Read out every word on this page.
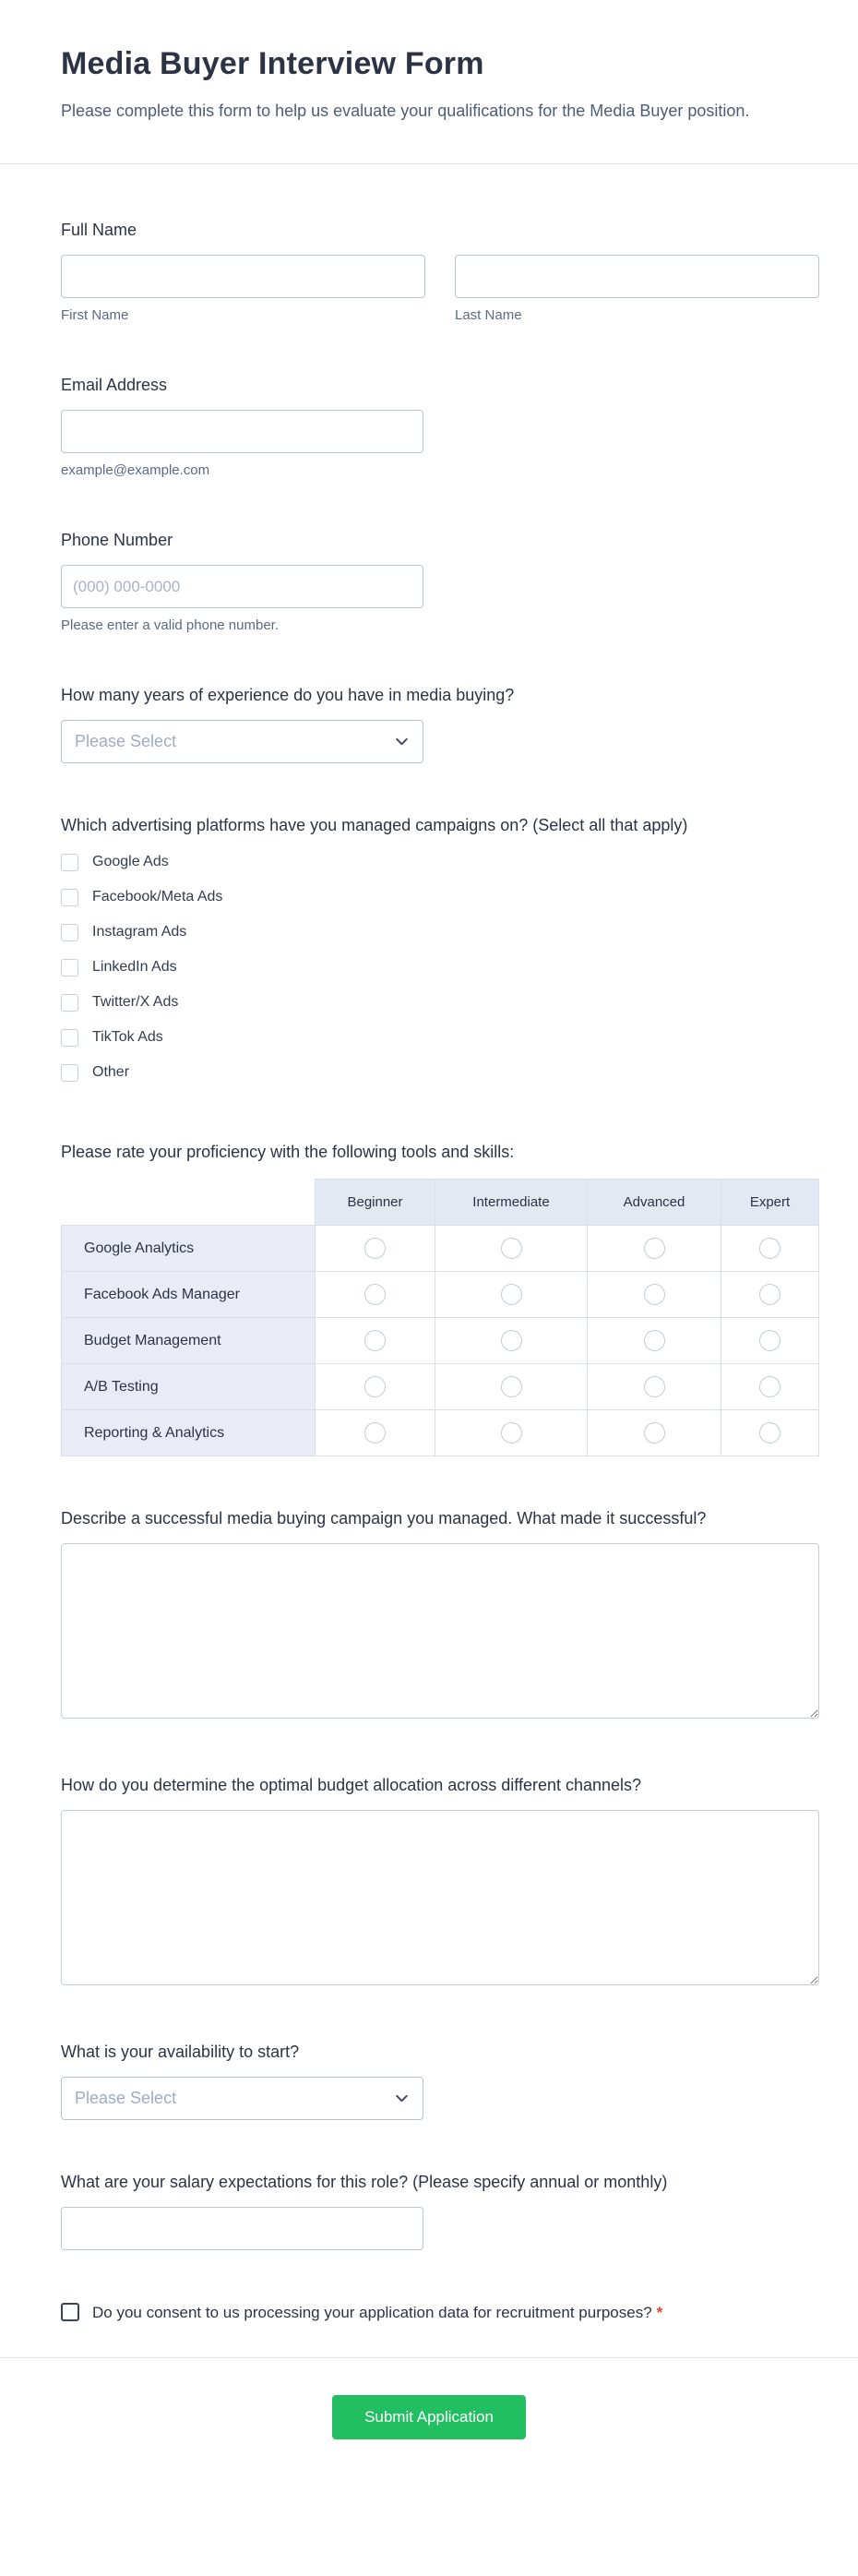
Media Buyer Interview Form

Please complete this form to help us evaluate your qualifications for the Media Buyer position.

Full Name
First Name	Last Name
Email Address
example@example.com
Phone Number
(000) 000-0000
Please enter a valid phone number.
How many years of experience do you have in media buying?
Please Select
Which advertising platforms have you managed campaigns on? (Select all that apply)
Google Ads
Facebook/Meta Ads
Instagram Ads
LinkedIn Ads
Twitter/X Ads
TikTok Ads
Other
Please rate your proficiency with the following tools and skills:
	Beginner	Intermediate	Advanced	Expert
Google Analytics				
Facebook Ads Manager				
Budget Management				
A/B Testing				
Reporting & Analytics				
Describe a successful media buying campaign you managed. What made it successful?
How do you determine the optimal budget allocation across different channels?
What is your availability to start?
Please Select
What are your salary expectations for this role? (Please specify annual or monthly)
Do you consent to us processing your application data for recruitment purposes? *
Submit Application
